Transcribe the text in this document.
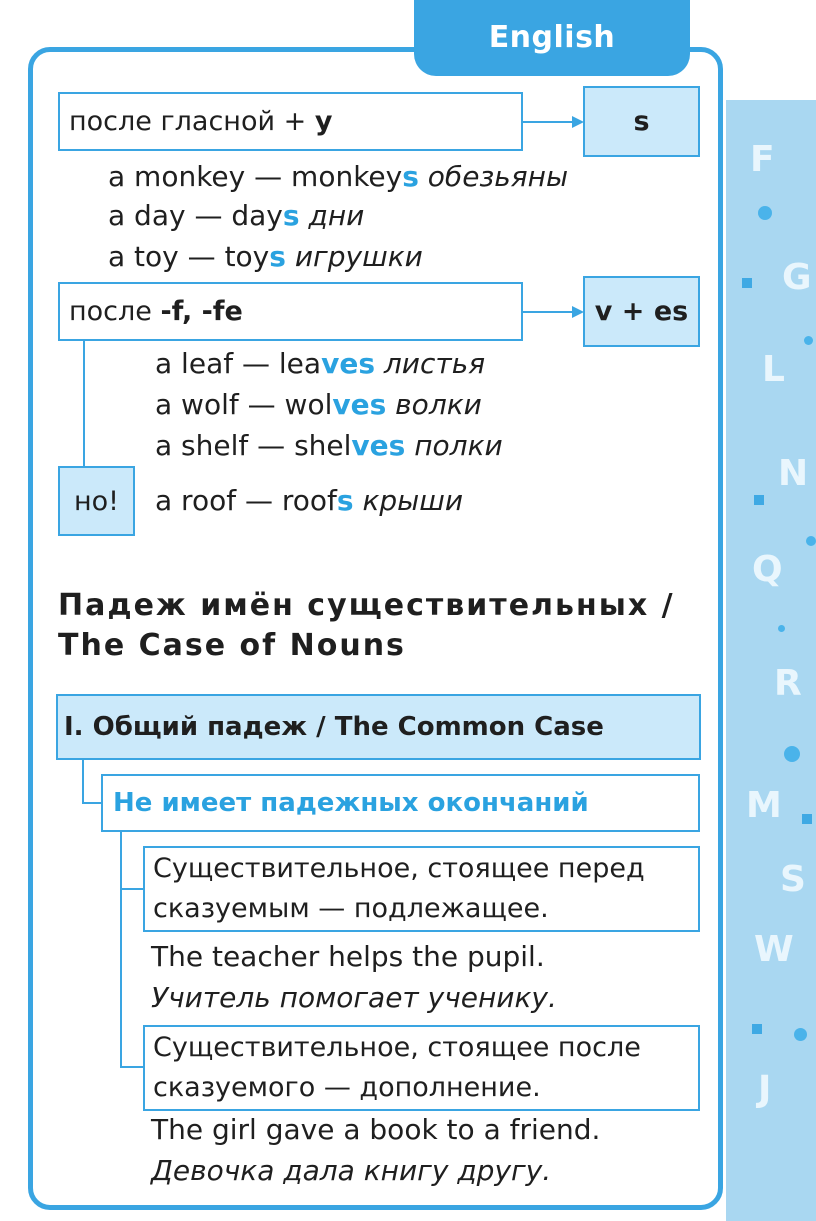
F
G
L
N
Q
R
M
S
W
J
English
после гласной + y	s
a monkey — monkeys обезьяны
a day — days дни
a toy — toys игрушки
после -f, -fe	v + es
a leaf — leaves листья
a wolf — wolves волки
a shelf — shelves полки
но! a roof — roofs крыши
Падеж имён существительных /
The Case of Nouns
I. Общий падеж / The Common Case
Не имеет падежных окончаний
Существительное, стоящее перед
сказуемым — подлежащее.
The teacher helps the pupil.
Учитель помогает ученику.
Существительное, стоящее после
сказуемого — дополнение.
The girl gave a book to a friend.
Девочка дала книгу другу.
